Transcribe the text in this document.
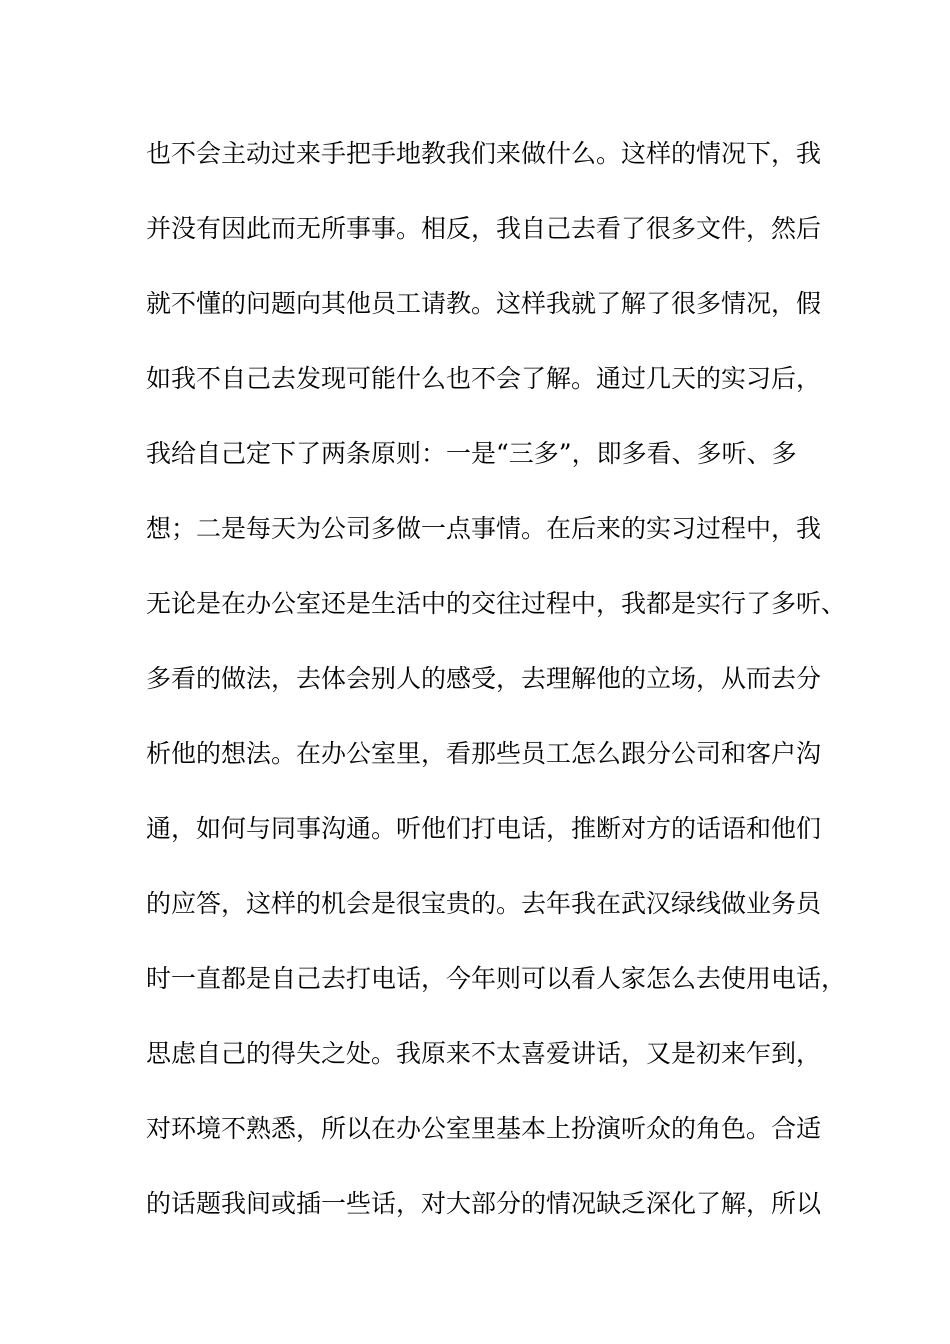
也不会主动过来手把手地教我们来做什么。这样的情况下，我
并没有因此而无所事事。相反，我自己去看了很多文件，然后
就不懂的问题向其他员工请教。这样我就了解了很多情况，假
如我不自己去发现可能什么也不会了解。通过几天的实习后，
我给自己定下了两条原则：一是“三多”，即多看、多听、多
想；二是每天为公司多做一点事情。在后来的实习过程中，我
无论是在办公室还是生活中的交往过程中，我都是实行了多听、
多看的做法，去体会别人的感受，去理解他的立场，从而去分
析他的想法。在办公室里，看那些员工怎么跟分公司和客户沟
通，如何与同事沟通。听他们打电话，推断对方的话语和他们
的应答，这样的机会是很宝贵的。去年我在武汉绿线做业务员
时一直都是自己去打电话，今年则可以看人家怎么去使用电话，
思虑自己的得失之处。我原来不太喜爱讲话，又是初来乍到，
对环境不熟悉，所以在办公室里基本上扮演听众的角色。合适
的话题我间或插一些话，对大部分的情况缺乏深化了解，所以
